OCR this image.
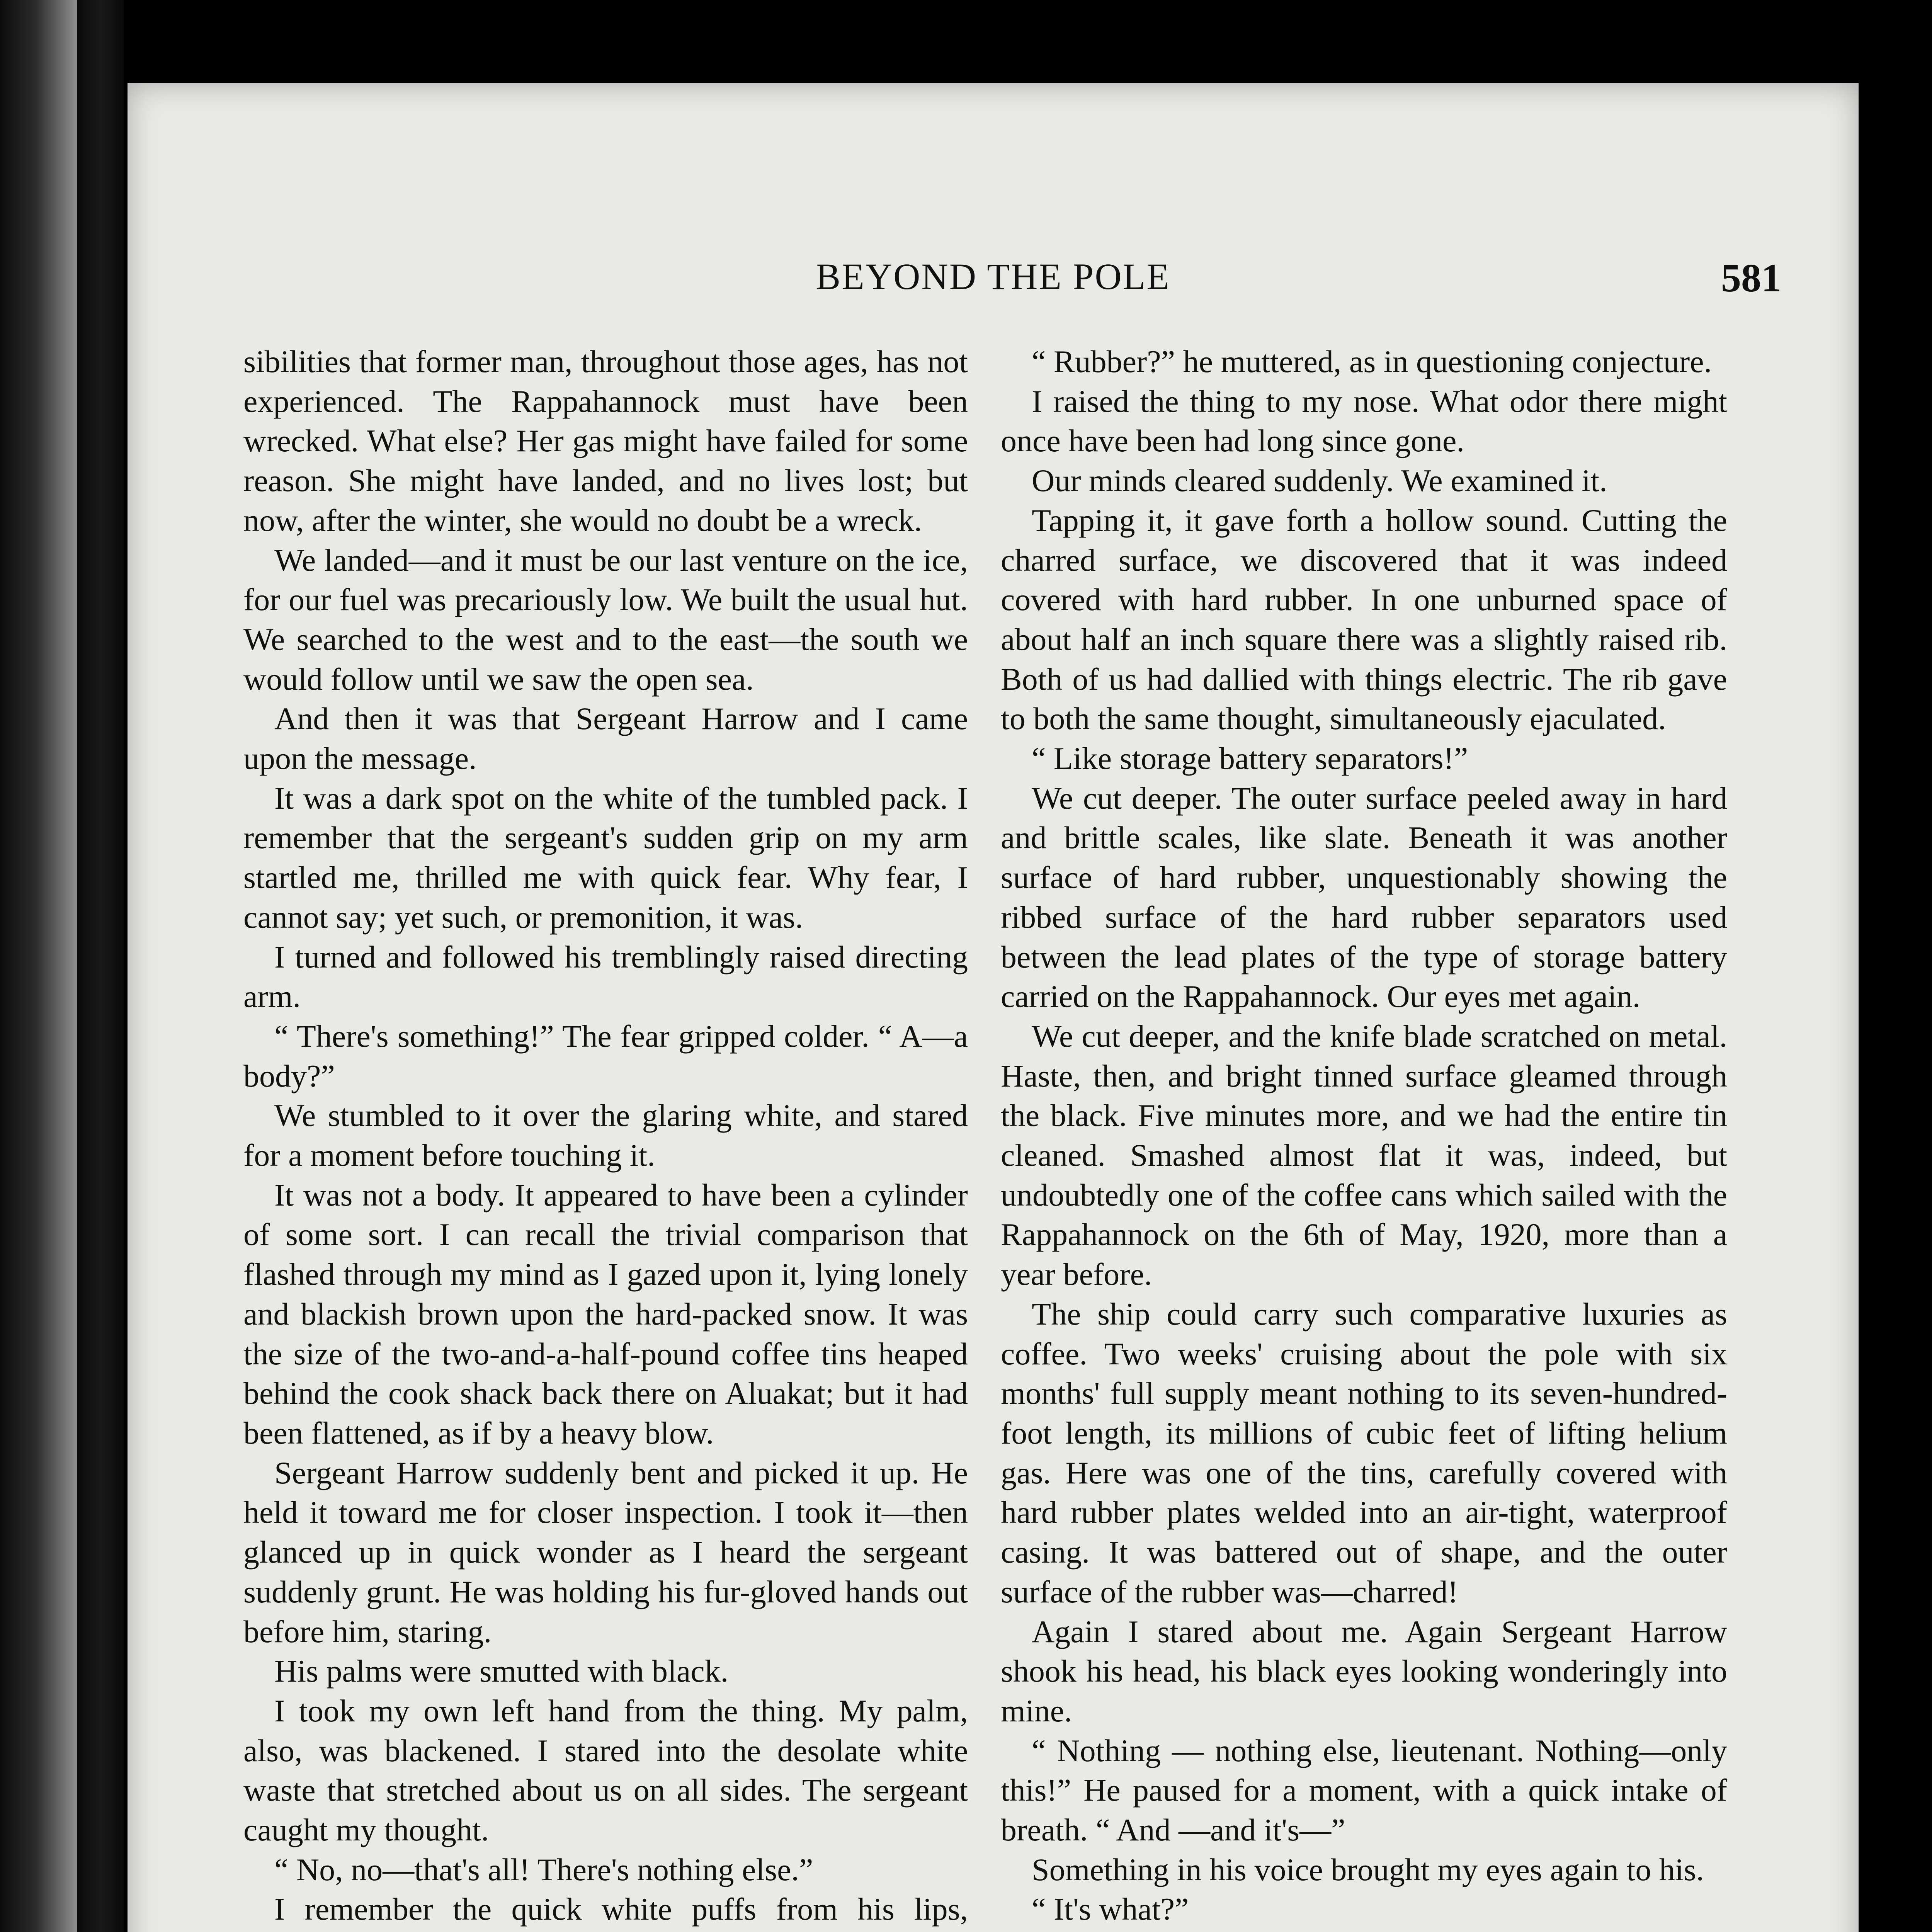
BEYOND THE POLE	581

sibilities that former man, throughout those ages, has not experienced. The Rappahannock must have been wrecked. What else? Her gas might have failed for some reason. She might have landed, and no lives lost; but now, after the winter, she would no doubt be a wreck.

We landed—and it must be our last venture on the ice, for our fuel was precariously low. We built the usual hut. We searched to the west and to the east—the south we would follow until we saw the open sea.

And then it was that Sergeant Harrow and I came upon the message.

It was a dark spot on the white of the tumbled pack. I remember that the sergeant's sudden grip on my arm startled me, thrilled me with quick fear. Why fear, I cannot say; yet such, or premonition, it was.

I turned and followed his tremblingly raised directing arm.

“ There's something!” The fear gripped colder. “ A—a body?”

We stumbled to it over the glaring white, and stared for a moment before touching it.

It was not a body. It appeared to have been a cylinder of some sort. I can recall the trivial comparison that flashed through my mind as I gazed upon it, lying lonely and blackish brown upon the hard-packed snow. It was the size of the two-and-a-half-pound coffee tins heaped behind the cook shack back there on Aluakat; but it had been flattened, as if by a heavy blow.

Sergeant Harrow suddenly bent and picked it up. He held it toward me for closer inspection. I took it—then glanced up in quick wonder as I heard the sergeant suddenly grunt. He was holding his fur-gloved hands out before him, staring.

His palms were smutted with black.

I took my own left hand from the thing. My palm, also, was blackened. I stared into the desolate white waste that stretched about us on all sides. The sergeant caught my thought.

“ No, no—that's all! There's nothing else.”

I remember the quick white puffs from his lips,

“ Rubber?” he muttered, as in questioning conjecture.

I raised the thing to my nose. What odor there might once have been had long since gone.

Our minds cleared suddenly. We examined it.

Tapping it, it gave forth a hollow sound. Cutting the charred surface, we discovered that it was indeed covered with hard rubber. In one unburned space of about half an inch square there was a slightly raised rib. Both of us had dallied with things electric. The rib gave to both the same thought, simultaneously ejaculated.

“ Like storage battery separators!”

We cut deeper. The outer surface peeled away in hard and brittle scales, like slate. Beneath it was another surface of hard rubber, unquestionably showing the ribbed surface of the hard rubber separators used between the lead plates of the type of storage battery carried on the Rappahannock. Our eyes met again.

We cut deeper, and the knife blade scratched on metal. Haste, then, and bright tinned surface gleamed through the black. Five minutes more, and we had the entire tin cleaned. Smashed almost flat it was, indeed, but undoubtedly one of the coffee cans which sailed with the Rappahannock on the 6th of May, 1920, more than a year before.

The ship could carry such comparative luxuries as coffee. Two weeks' cruising about the pole with six months' full supply meant nothing to its seven-hundred-foot length, its millions of cubic feet of lifting helium gas. Here was one of the tins, carefully covered with hard rubber plates welded into an air-tight, waterproof casing. It was battered out of shape, and the outer surface of the rubber was—charred!

Again I stared about me. Again Sergeant Harrow shook his head, his black eyes looking wonderingly into mine.

“ Nothing — nothing else, lieutenant. Nothing—only this!” He paused for a moment, with a quick intake of breath. “ And —and it's—”

Something in his voice brought my eyes again to his.

“ It's what?”
